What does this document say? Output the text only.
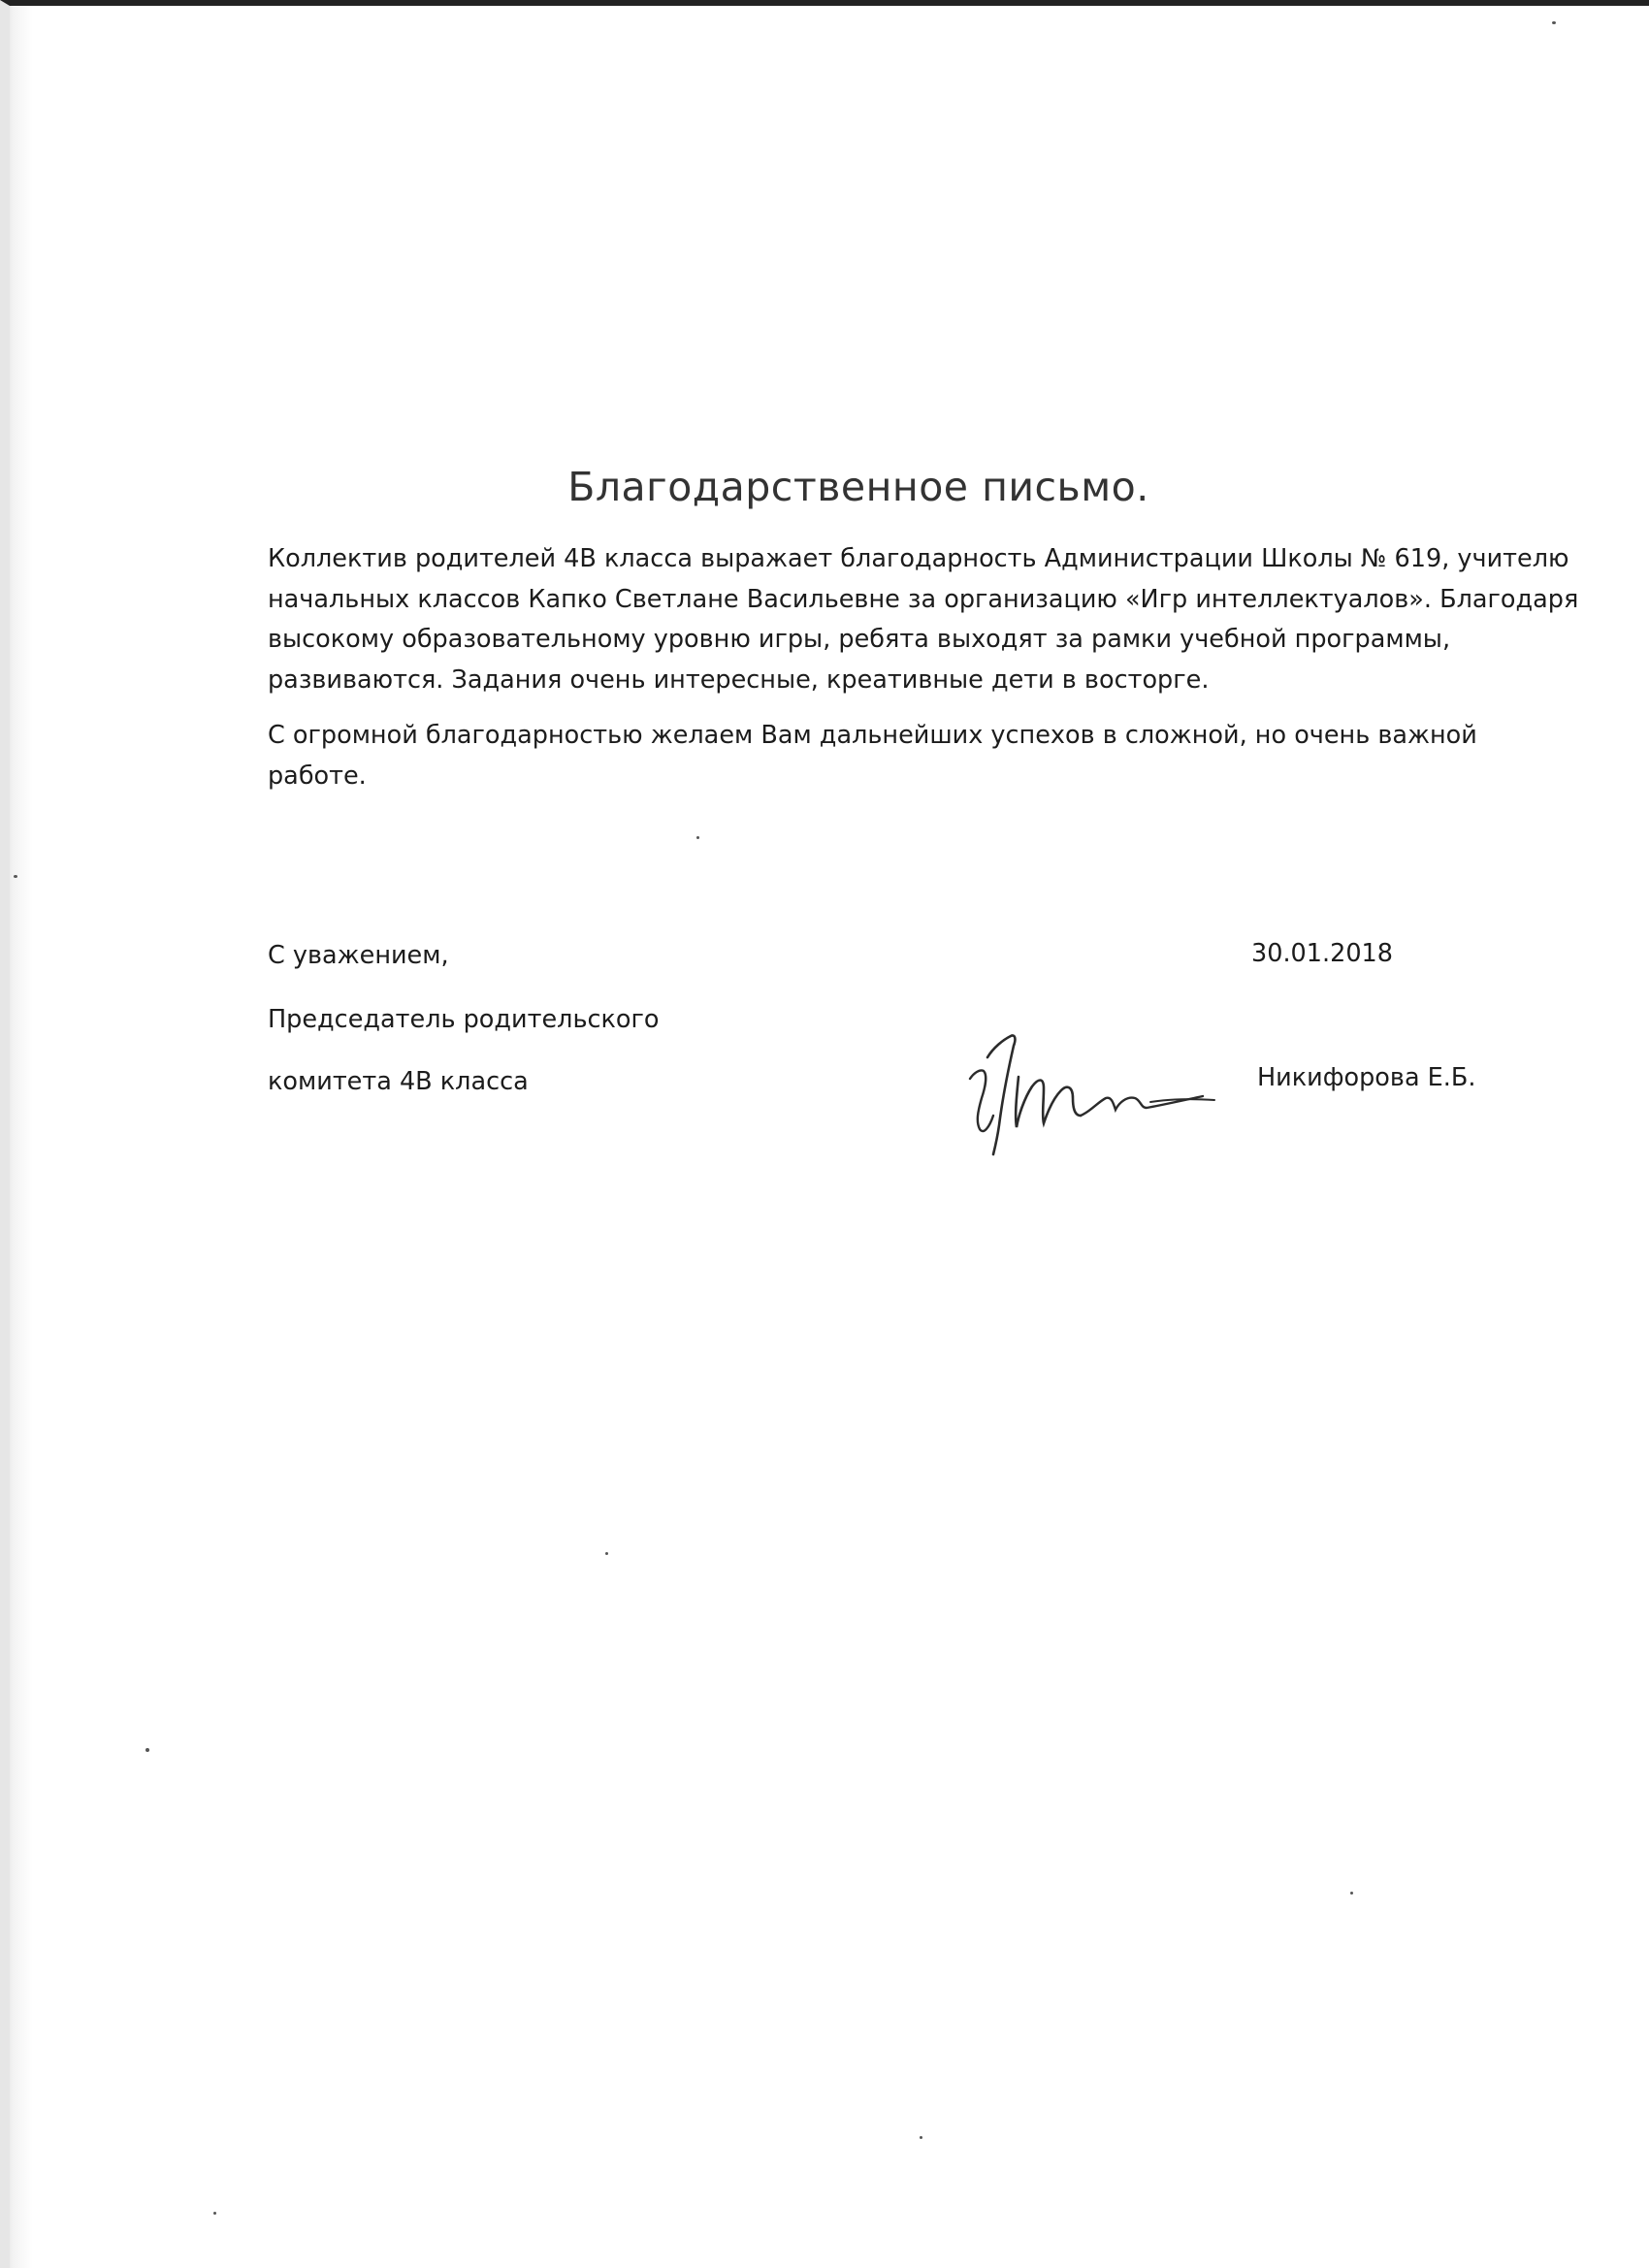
Благодарственное письмо.
Коллектив родителей 4В класса выражает благодарность Администрации Школы № 619, учителю
начальных классов Капко Светлане Васильевне за организацию «Игр интеллектуалов». Благодаря
высокому образовательному уровню игры, ребята выходят за рамки учебной программы,
развиваются. Задания очень интересные, креативные дети в восторге.
С огромной благодарностью желаем Вам дальнейших успехов в сложной, но очень важной
работе.
С уважением,
Председатель родительского
комитета 4В класса
30.01.2018
Никифорова Е.Б.
